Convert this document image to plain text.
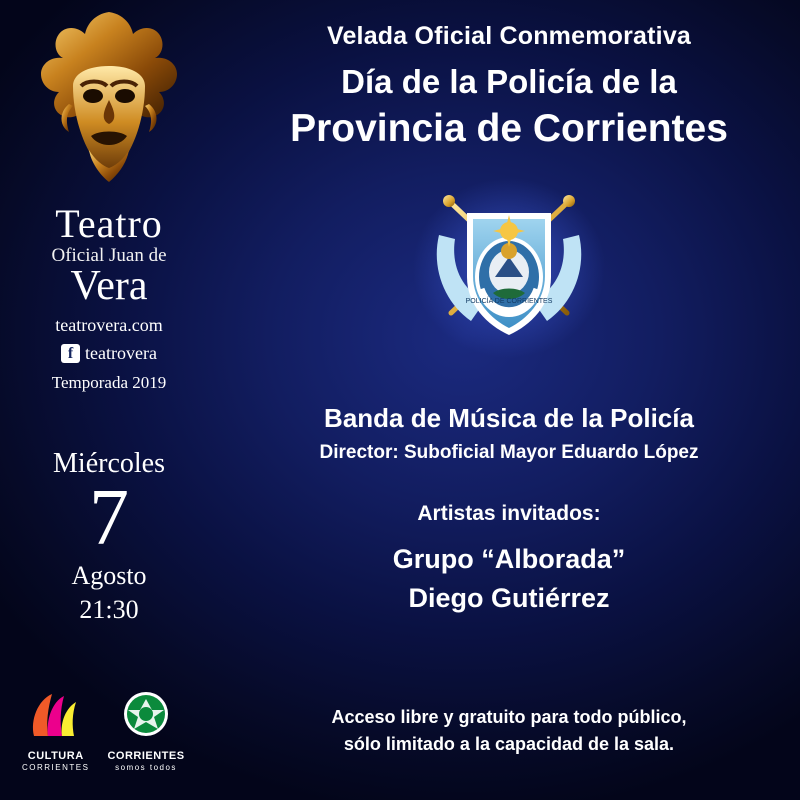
Teatro
Oficial Juan de
Vera
teatrovera.com
f teatrovera
Temporada 2019
Miércoles
7
Agosto
21:30
CULTURA
CORRIENTES
CORRIENTES
somos todos
Velada Oficial Conmemorativa
Día de la Policía de la
Provincia de Corrientes
POLICÍA DE CORRIENTES
Banda de Música de la Policía
Director: Suboficial Mayor Eduardo López
Artistas invitados:
Grupo “Alborada”
Diego Gutiérrez
Acceso libre y gratuito para todo público,
sólo limitado a la capacidad de la sala.
